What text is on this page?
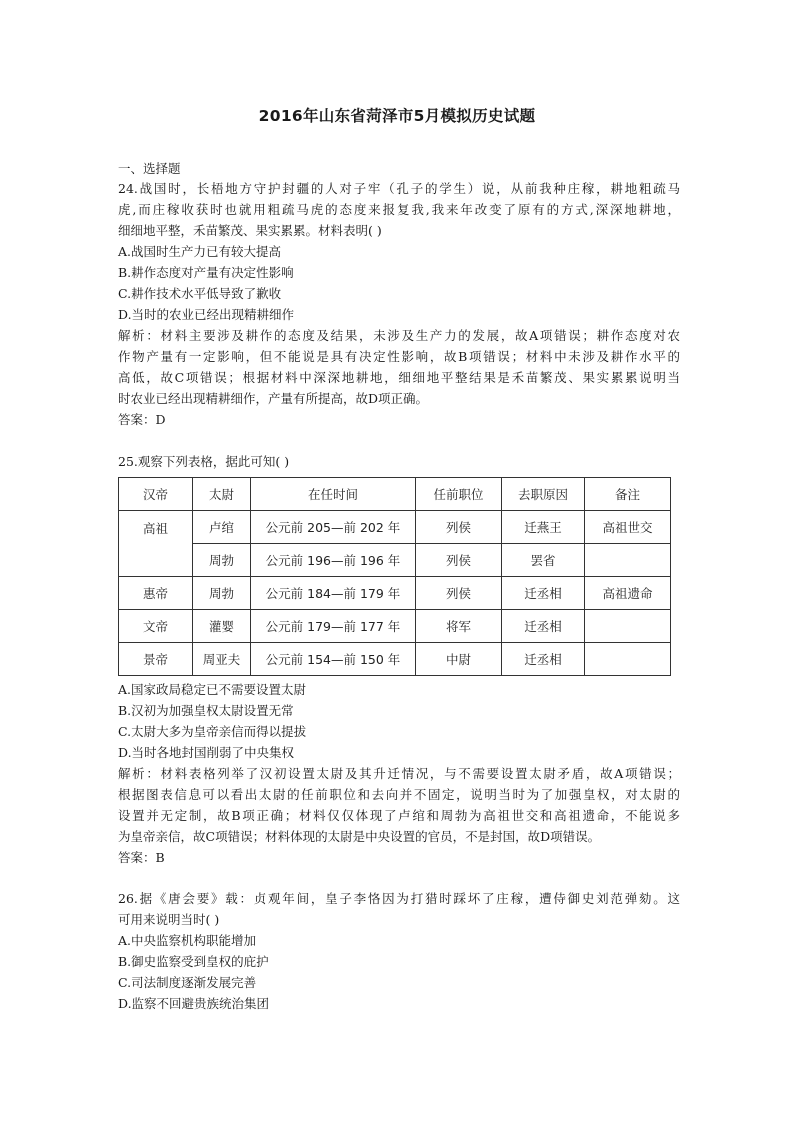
2016年山东省菏泽市5月模拟历史试题
一、选择题
24.战国时，长梧地方守护封疆的人对子牢（孔子的学生）说，从前我种庄稼，耕地粗疏马
虎,而庄稼收获时也就用粗疏马虎的态度来报复我,我来年改变了原有的方式,深深地耕地，
细细地平整，禾苗繁茂、果实累累。材料表明( )
A.战国时生产力已有较大提高
B.耕作态度对产量有决定性影响
C.耕作技术水平低导致了歉收
D.当时的农业已经出现精耕细作
解析：材料主要涉及耕作的态度及结果，未涉及生产力的发展，故A项错误；耕作态度对农
作物产量有一定影响，但不能说是具有决定性影响，故B项错误；材料中未涉及耕作水平的
高低，故C项错误；根据材料中深深地耕地，细细地平整结果是禾苗繁茂、果实累累说明当
时农业已经出现精耕细作，产量有所提高，故D项正确。
答案：D
25.观察下列表格，据此可知( )
汉帝	太尉	在任时间	任前职位	去职原因	备注
高祖	卢绾	公元前 205—前 202 年	列侯	迁燕王	高祖世交
	周勃	公元前 196—前 196 年	列侯	罢省	
惠帝	周勃	公元前 184—前 179 年	列侯	迁丞相	高祖遗命
文帝	灌婴	公元前 179—前 177 年	将军	迁丞相	
景帝	周亚夫	公元前 154—前 150 年	中尉	迁丞相	
A.国家政局稳定已不需要设置太尉
B.汉初为加强皇权太尉设置无常
C.太尉大多为皇帝亲信而得以提拔
D.当时各地封国削弱了中央集权
解析：材料表格列举了汉初设置太尉及其升迁情况，与不需要设置太尉矛盾，故A项错误；
根据图表信息可以看出太尉的任前职位和去向并不固定，说明当时为了加强皇权，对太尉的
设置并无定制，故B项正确；材料仅仅体现了卢绾和周勃为高祖世交和高祖遗命，不能说多
为皇帝亲信，故C项错误；材料体现的太尉是中央设置的官员，不是封国，故D项错误。
答案：B
26.据《唐会要》载：贞观年间，皇子李恪因为打猎时踩坏了庄稼，遭侍御史刘范弹劾。这
可用来说明当时( )
A.中央监察机构职能增加
B.御史监察受到皇权的庇护
C.司法制度逐渐发展完善
D.监察不回避贵族统治集团
